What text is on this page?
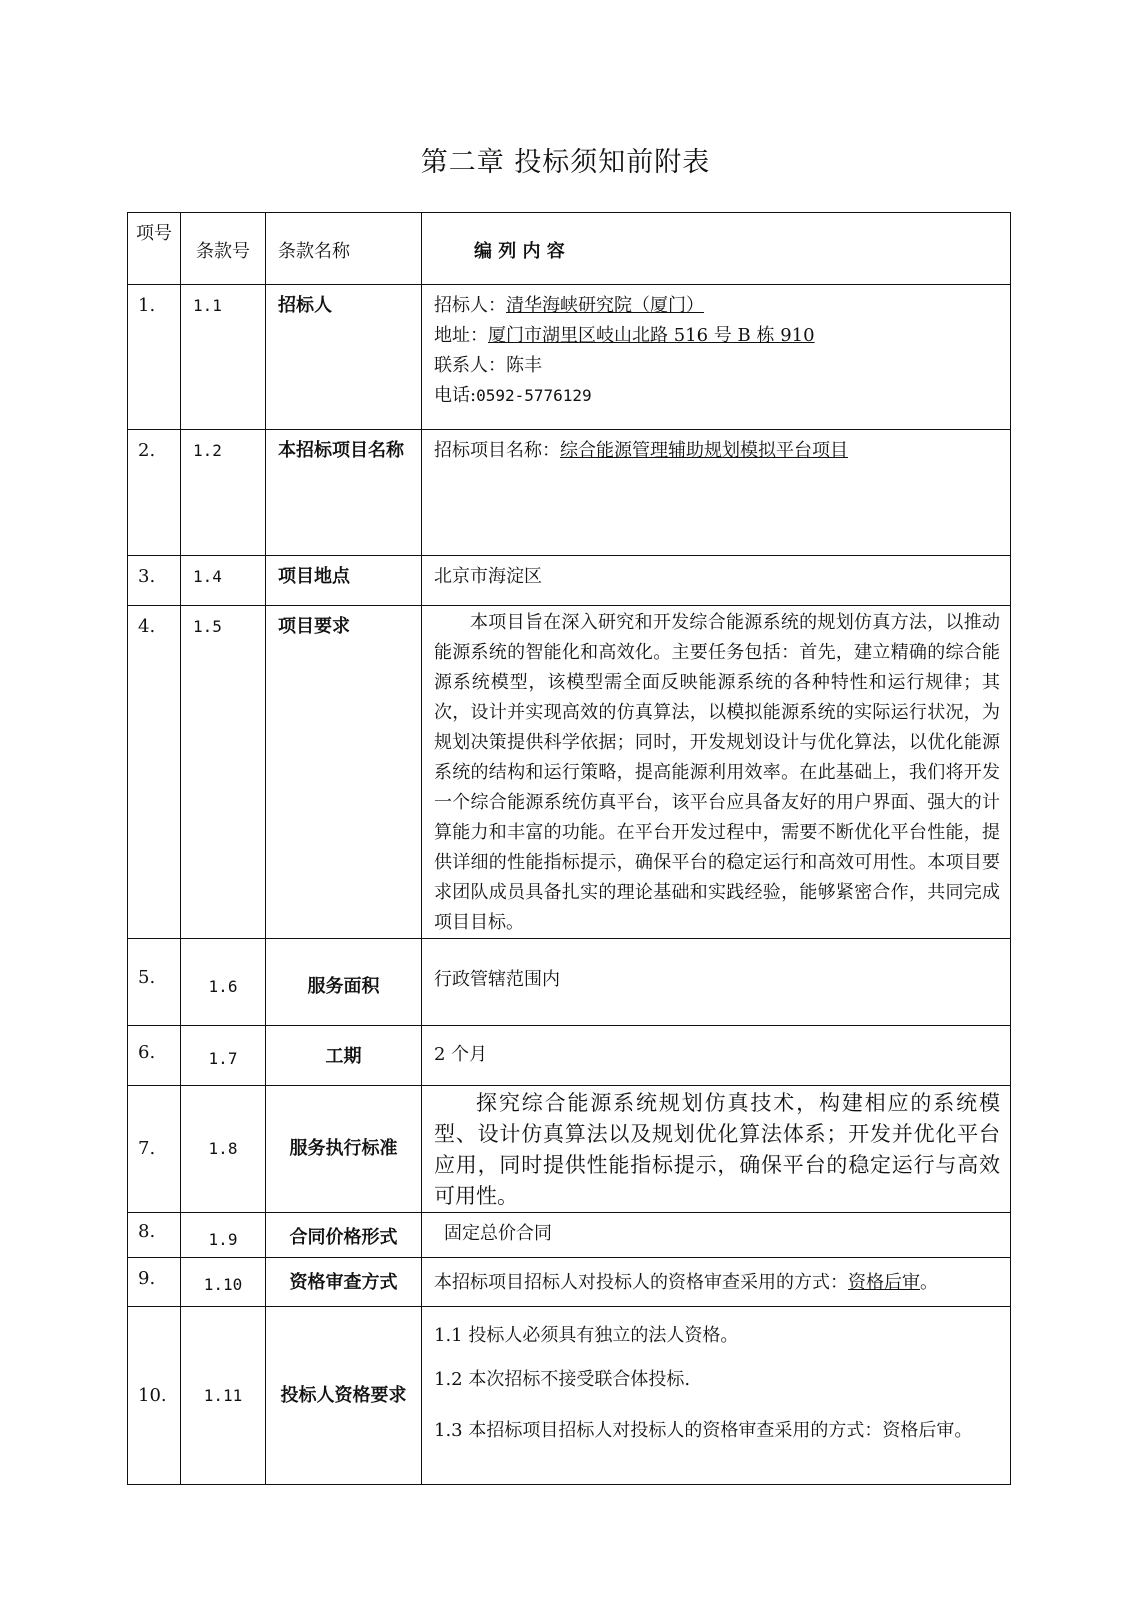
第二章 投标须知前附表
项号	条款号	条款名称	编 列 内 容
1.	1.1	招标人	招标人：清华海峡研究院（厦门）
地址：厦门市湖里区岐山北路 516 号 B 栋 910
联系人：陈丰
电话:0592-5776129

2.	1.2	本招标项目名称	招标项目名称：综合能源管理辅助规划模拟平台项目
3.	1.4	项目地点	北京市海淀区
4.	1.5	项目要求	本项目旨在深入研究和开发综合能源系统的规划仿真方法，以推动能源系统的智能化和高效化。主要任务包括：首先，建立精确的综合能源系统模型，该模型需全面反映能源系统的各种特性和运行规律；其次，设计并实现高效的仿真算法，以模拟能源系统的实际运行状况，为规划决策提供科学依据；同时，开发规划设计与优化算法，以优化能源系统的结构和运行策略，提高能源利用效率。在此基础上，我们将开发一个综合能源系统仿真平台，该平台应具备友好的用户界面、强大的计算能力和丰富的功能。在平台开发过程中，需要不断优化平台性能，提供详细的性能指标提示，确保平台的稳定运行和高效可用性。本项目要求团队成员具备扎实的理论基础和实践经验，能够紧密合作，共同完成项目目标。
5.	1.6	服务面积	行政管辖范围内
6.	1.7	工期	2 个月
7.	1.8	服务执行标准	探究综合能源系统规划仿真技术，构建相应的系统模型、设计仿真算法以及规划优化算法体系；开发并优化平台应用，同时提供性能指标提示，确保平台的稳定运行与高效可用性。
8.	1.9	合同价格形式	固定总价合同
9.	1.10	资格审查方式	本招标项目招标人对投标人的资格审查采用的方式：资格后审。
10.	1.11	投标人资格要求	1.1 投标人必须具有独立的法人资格。
1.2 本次招标不接受联合体投标.
1.3 本招标项目招标人对投标人的资格审查采用的方式：资格后审。
